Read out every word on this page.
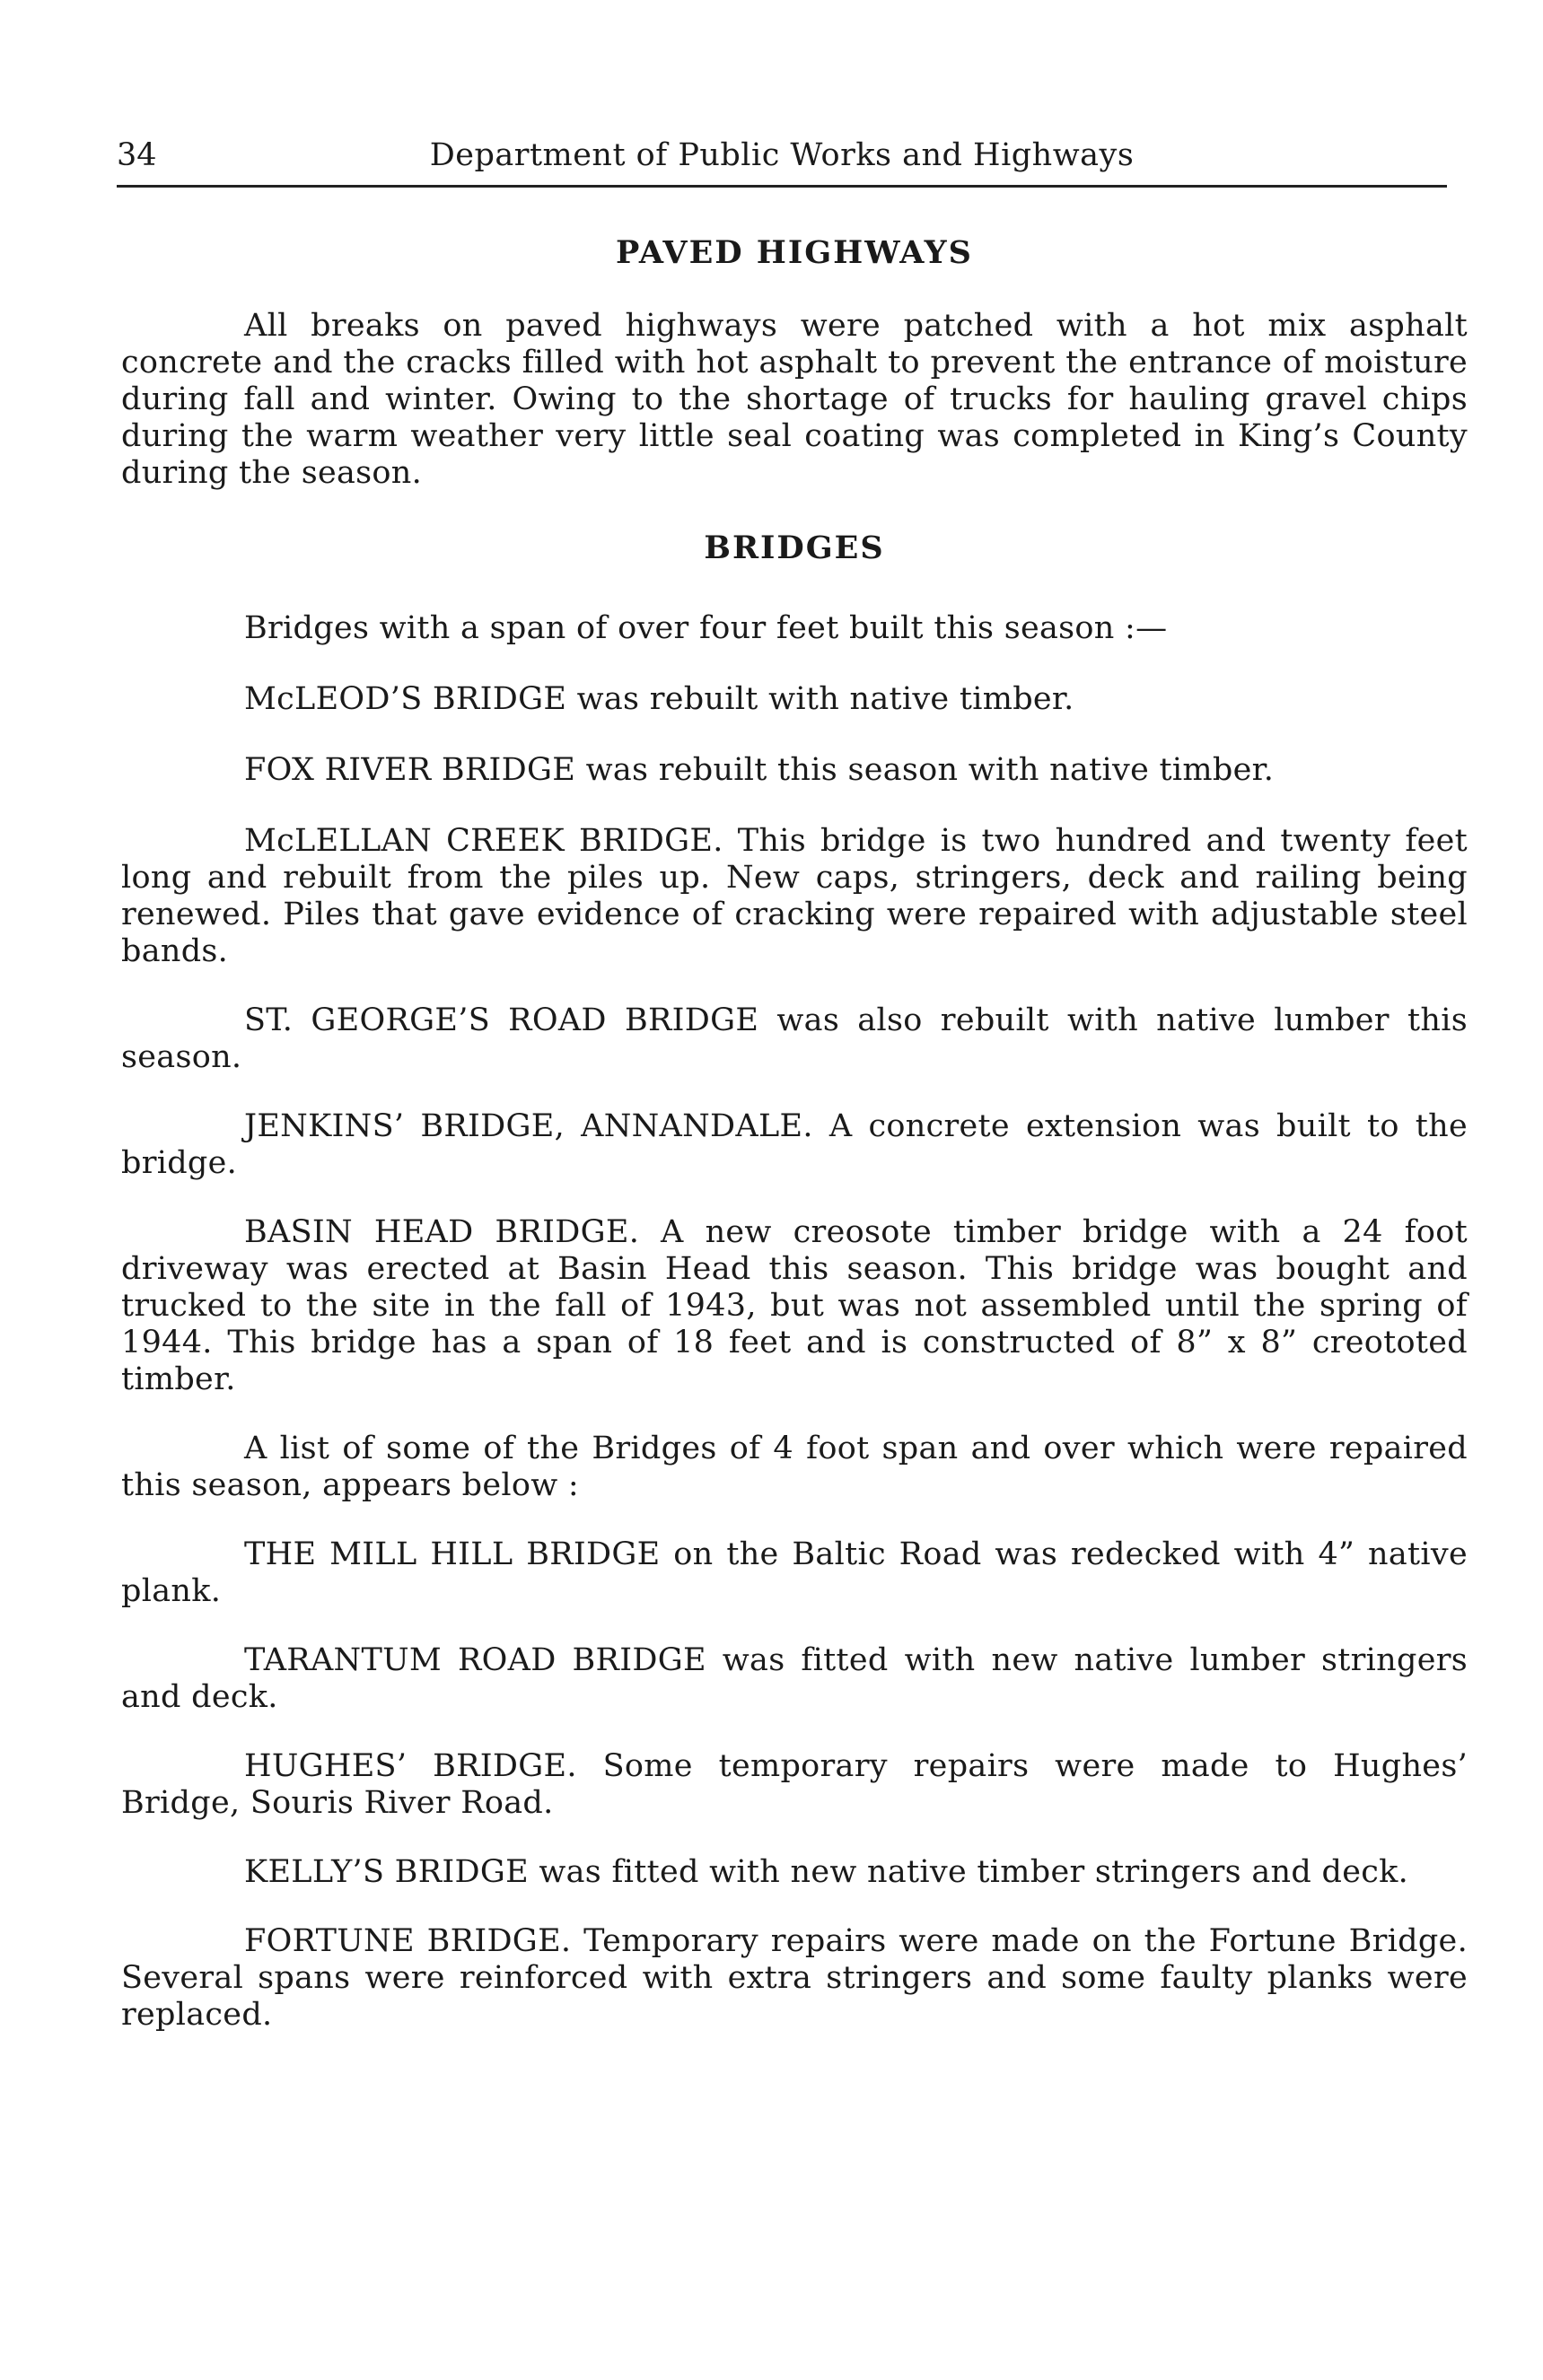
34	Department of Public Works and Highways
PAVED HIGHWAYS

All breaks on paved highways were patched with a hot mix asphalt concrete and the cracks filled with hot asphalt to prevent the entrance of moisture during fall and winter. Owing to the shortage of trucks for hauling gravel chips during the warm weather very little seal coating was completed in King’s County during the season.

BRIDGES

Bridges with a span of over four feet built this season :—

McLEOD’S BRIDGE was rebuilt with native timber.

FOX RIVER BRIDGE was rebuilt this season with native timber.

McLELLAN CREEK BRIDGE. This bridge is two hundred and twenty feet long and rebuilt from the piles up. New caps, stringers, deck and railing being renewed. Piles that gave evidence of cracking were repaired with adjustable steel bands.

ST. GEORGE’S ROAD BRIDGE was also rebuilt with native lumber this season.

JENKINS’ BRIDGE, ANNANDALE. A concrete extension was built to the bridge.

BASIN HEAD BRIDGE. A new creosote timber bridge with a 24 foot driveway was erected at Basin Head this season. This bridge was bought and trucked to the site in the fall of 1943, but was not assembled until the spring of 1944. This bridge has a span of 18 feet and is constructed of 8” x 8” creototed timber.

A list of some of the Bridges of 4 foot span and over which were repaired this season, appears below :

THE MILL HILL BRIDGE on the Baltic Road was redecked with 4” native plank.

TARANTUM ROAD BRIDGE was fitted with new native lumber stringers and deck.

HUGHES’ BRIDGE. Some temporary repairs were made to Hughes’ Bridge, Souris River Road.

KELLY’S BRIDGE was fitted with new native timber stringers and deck.

FORTUNE BRIDGE. Temporary repairs were made on the Fortune Bridge. Several spans were reinforced with extra stringers and some faulty planks were replaced.
